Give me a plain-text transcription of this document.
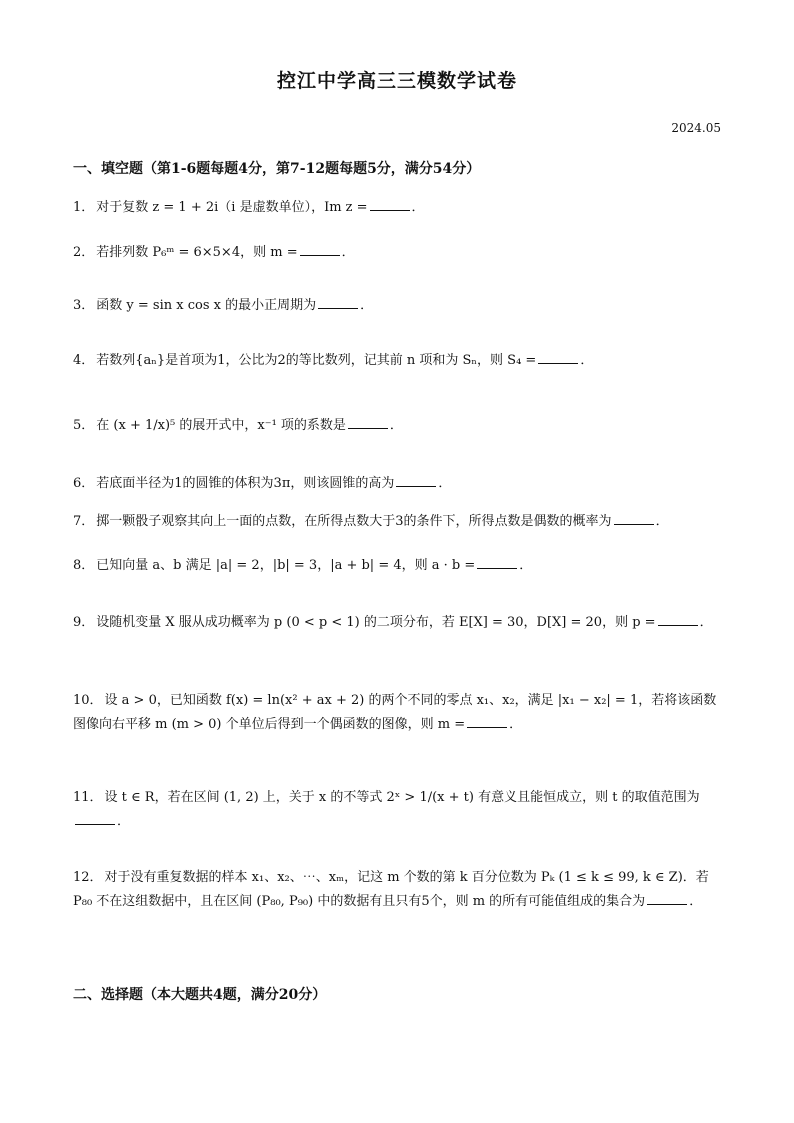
控江中学高三三模数学试卷
2024.05
一、填空题（第1-6题每题4分，第7-12题每题5分，满分54分）
1． 对于复数 z = 1 + 2i（i 是虚数单位），Im z =	．
2． 若排列数 P₆ᵐ = 6×5×4，则 m =	．
3． 函数 y = sin x cos x 的最小正周期为	．
4． 若数列{aₙ}是首项为1，公比为2的等比数列，记其前 n 项和为 Sₙ，则 S₄ =	．
5． 在 (x + 1/x)⁵ 的展开式中，x⁻¹ 项的系数是	．
6． 若底面半径为1的圆锥的体积为3π，则该圆锥的高为	．
7． 掷一颗骰子观察其向上一面的点数，在所得点数大于3的条件下，所得点数是偶数的概率为	．
8． 已知向量 a、b 满足 |a| = 2，|b| = 3，|a + b| = 4，则 a · b =	．
9． 设随机变量 X 服从成功概率为 p (0 < p < 1) 的二项分布，若 E[X] = 30，D[X] = 20，则 p =	．
10． 设 a > 0，已知函数 f(x) = ln(x² + ax + 2) 的两个不同的零点 x₁、x₂，满足 |x₁ − x₂| = 1，若将该函数图像向右平移 m (m > 0) 个单位后得到一个偶函数的图像，则 m =	．
11． 设 t ∈ R，若在区间 (1, 2) 上，关于 x 的不等式 2ˣ > 1/(x + t) 有意义且能恒成立，则 t 的取值范围为．
12． 对于没有重复数据的样本 x₁、x₂、⋯、xₘ，记这 m 个数的第 k 百分位数为 Pₖ (1 ≤ k ≤ 99, k ∈ Z)．若 P₈₀ 不在这组数据中，且在区间 (P₈₀, P₉₀) 中的数据有且只有5个，则 m 的所有可能值组成的集合为	．
二、选择题（本大题共4题，满分20分）
